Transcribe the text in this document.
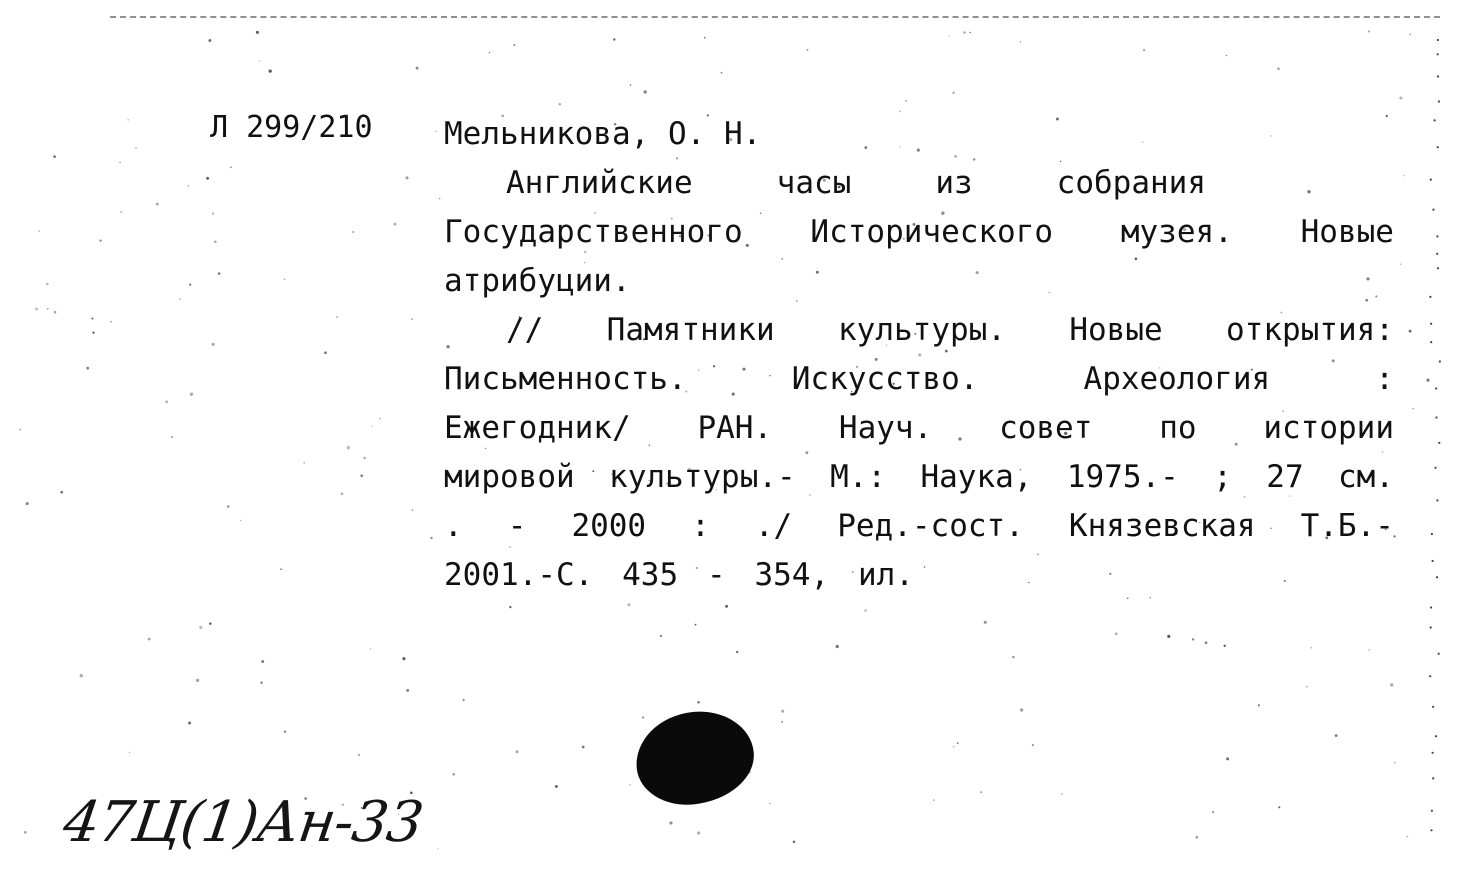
Л 299/210 Мельникова, О. Н.
Английские	часы	из	собрания
Государственного Исторического музея. Новые
атрибуции.
// Памятники культуры. Новые открытия:
Письменность.	Искусство.	Археология	:
Ежегодник/ РАН. Науч. совет по истории
мировой культуры.- М.: Наука, 1975.- ; 27 см.
. - 2000 : ./ Ред.-сост. Князевская Т.Б.-
2001.-С. 435 - 354, ил.
47Ц(1)Ан-33
